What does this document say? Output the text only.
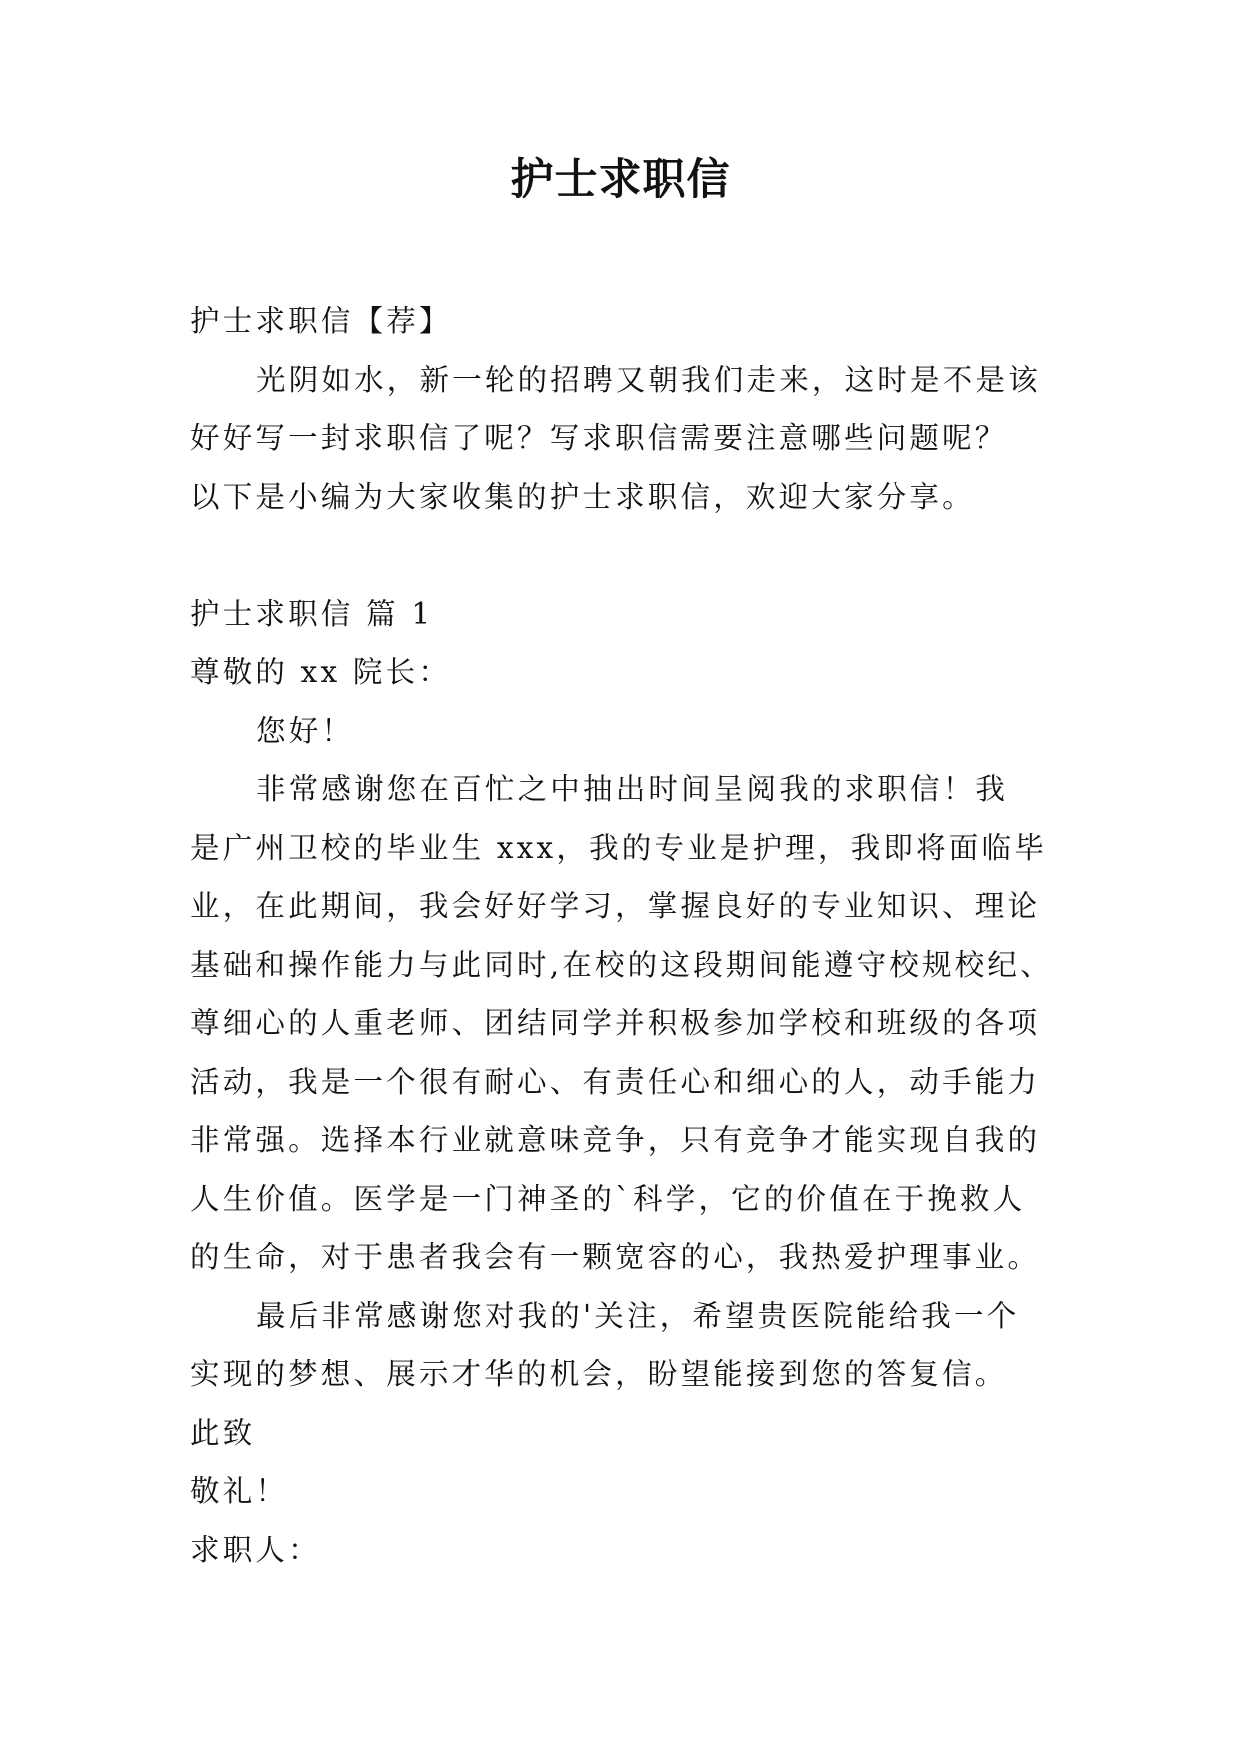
护士求职信

护士求职信【荐】

光阴如水，新一轮的招聘又朝我们走来，这时是不是该

好好写一封求职信了呢？写求职信需要注意哪些问题呢？

以下是小编为大家收集的护士求职信，欢迎大家分享。

护士求职信 篇 1

尊敬的 xx 院长：

您好！

非常感谢您在百忙之中抽出时间呈阅我的求职信！我

是广州卫校的毕业生 xxx，我的专业是护理，我即将面临毕

业，在此期间，我会好好学习，掌握良好的专业知识、理论

基础和操作能力与此同时,在校的这段期间能遵守校规校纪、

尊细心的人重老师、团结同学并积极参加学校和班级的各项

活动，我是一个很有耐心、有责任心和细心的人，动手能力

非常强。选择本行业就意味竞争，只有竞争才能实现自我的

人生价值。医学是一门神圣的`科学，它的价值在于挽救人

的生命，对于患者我会有一颗宽容的心，我热爱护理事业。

最后非常感谢您对我的'关注，希望贵医院能给我一个

实现的梦想、展示才华的机会，盼望能接到您的答复信。

此致

敬礼！

求职人：
